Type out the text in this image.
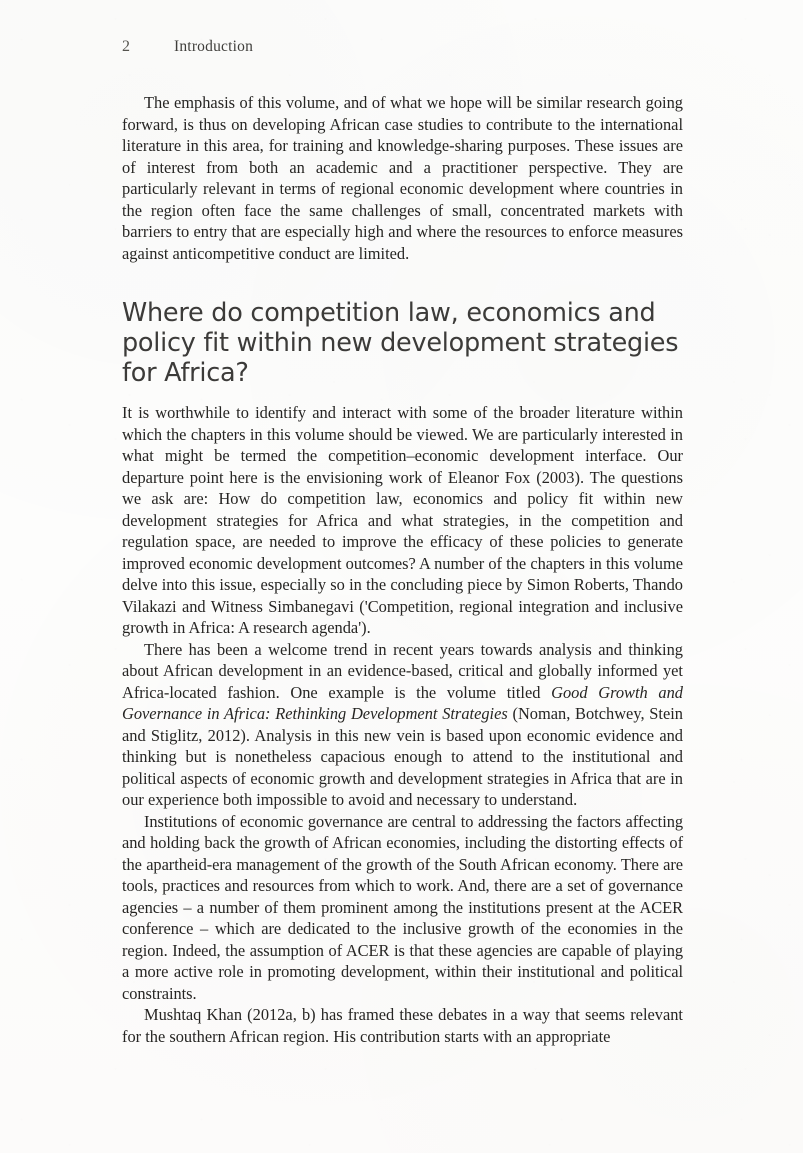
2	Introduction

The emphasis of this volume, and of what we hope will be similar research going forward, is thus on developing African case studies to contribute to the international literature in this area, for training and knowledge-sharing purposes. These issues are of interest from both an academic and a practitioner perspective. They are particularly relevant in terms of regional economic development where countries in the region often face the same challenges of small, concentrated markets with barriers to entry that are especially high and where the resources to enforce measures against anticompetitive conduct are limited.

Where do competition law, economics and policy fit within new development strategies for Africa?

It is worthwhile to identify and interact with some of the broader literature within which the chapters in this volume should be viewed. We are particularly interested in what might be termed the competition–economic development interface. Our departure point here is the envisioning work of Eleanor Fox (2003). The questions we ask are: How do competition law, economics and policy fit within new development strategies for Africa and what strategies, in the competition and regulation space, are needed to improve the efficacy of these policies to generate improved economic development outcomes? A number of the chapters in this volume delve into this issue, especially so in the concluding piece by Simon Roberts, Thando Vilakazi and Witness Simbanegavi ('Competition, regional integration and inclusive growth in Africa: A research agenda').

There has been a welcome trend in recent years towards analysis and thinking about African development in an evidence-based, critical and globally informed yet Africa-located fashion. One example is the volume titled Good Growth and Governance in Africa: Rethinking Development Strategies (Noman, Botchwey, Stein and Stiglitz, 2012). Analysis in this new vein is based upon economic evidence and thinking but is nonetheless capacious enough to attend to the institutional and political aspects of economic growth and development strategies in Africa that are in our experience both impossible to avoid and necessary to understand.

Institutions of economic governance are central to addressing the factors affecting and holding back the growth of African economies, including the distorting effects of the apartheid-era management of the growth of the South African economy. There are tools, practices and resources from which to work. And, there are a set of governance agencies – a number of them prominent among the institutions present at the ACER conference – which are dedicated to the inclusive growth of the economies in the region. Indeed, the assumption of ACER is that these agencies are capable of playing a more active role in promoting development, within their institutional and political constraints.

Mushtaq Khan (2012a, b) has framed these debates in a way that seems relevant for the southern African region. His contribution starts with an appropriate
